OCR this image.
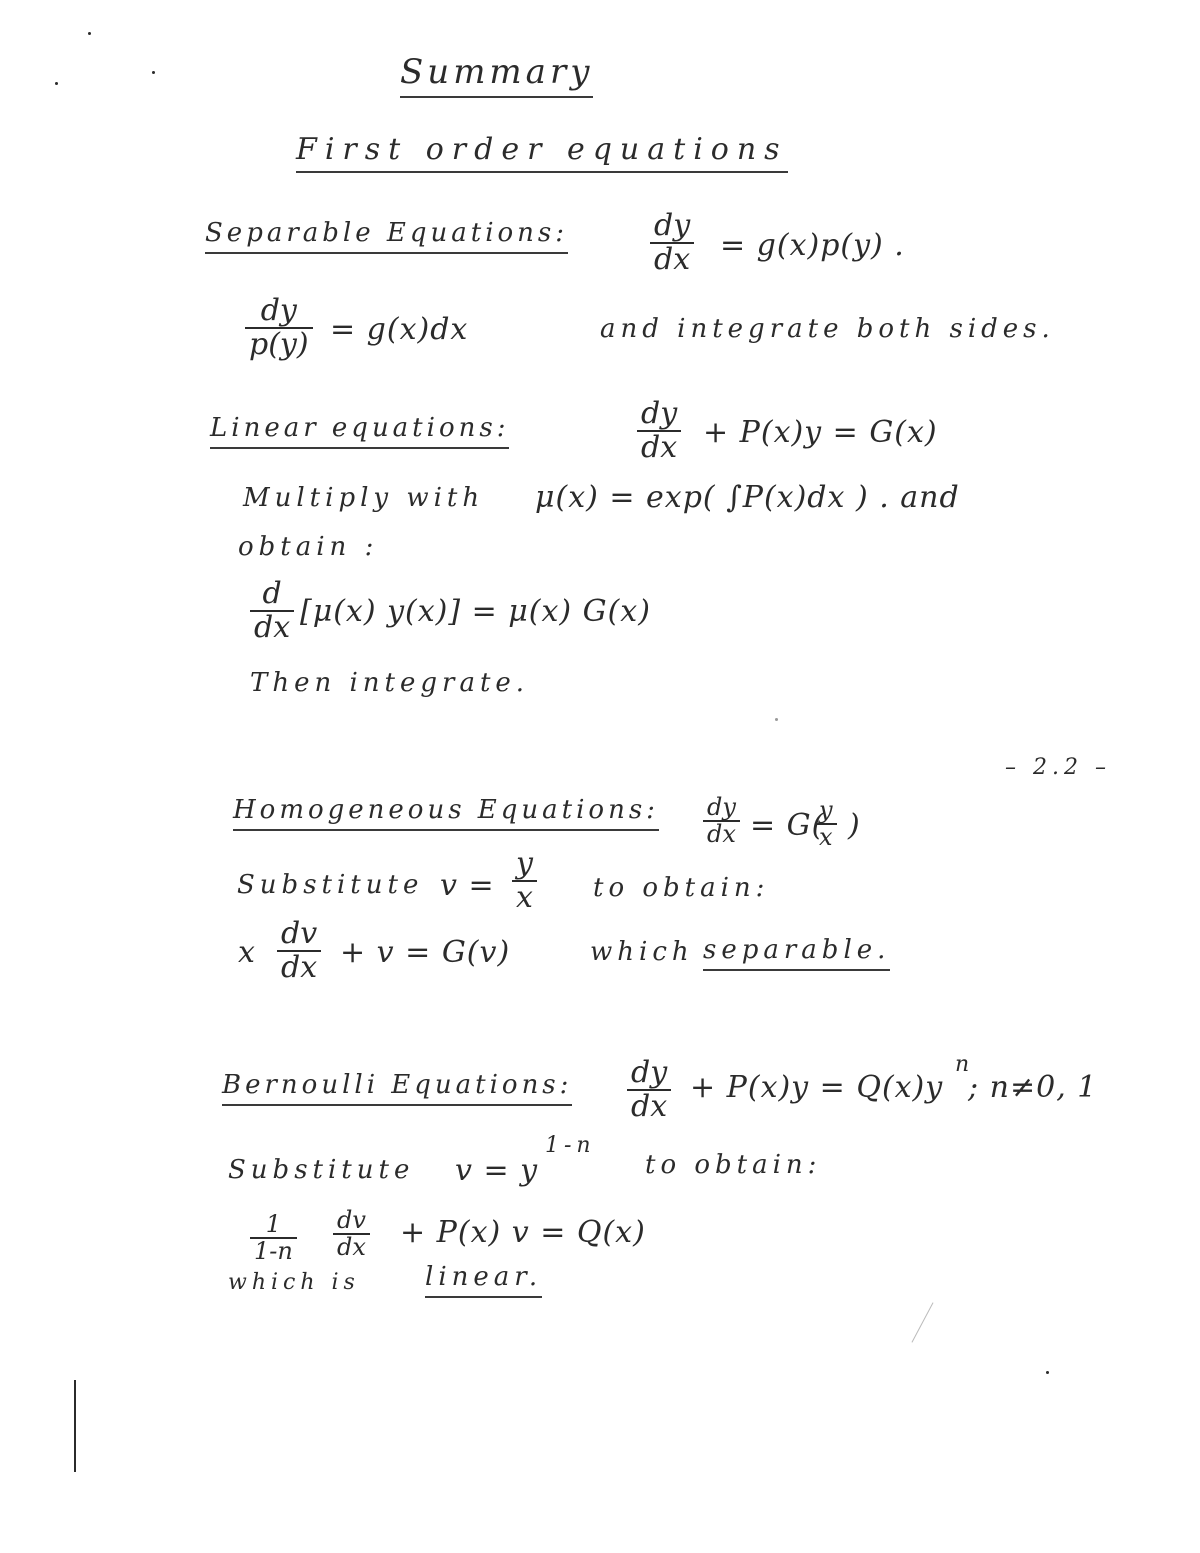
Summary
First order equations
Separable Equations:	dy
dx = g(x)p(y) .
dy
p(y) = g(x)dx	and integrate both sides.
Linear equations:	dy
dx + P(x)y = G(x)
Multiply with μ(x) = exp( ∫P(x)dx ) . and
obtain :
d
dx [μ(x) y(x)] = μ(x) G(x)
Then integrate.
– 2.2 –
Homogeneous Equations: dy
dx = G(
y
x )
Substitute v =
y
x to obtain:
x
dv
dx + v = G(v)	which separable.
Bernoulli Equations: dy
dx
+ P(x)y = Q(x)y
n
; n≠0, 1
Substitute v = y
1-n
to obtain:
1
1-n
dv
dx + P(x) v = Q(x)
which is	linear.
